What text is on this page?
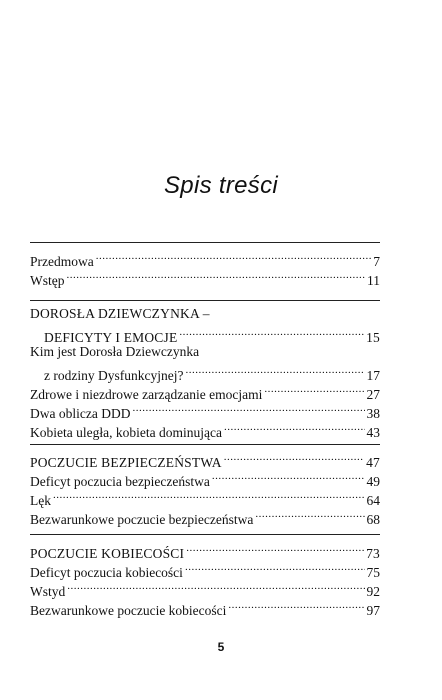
Spis treści
Przedmowa .....	7
Wstęp .....	11
DOROSŁA DZIEWCZYNKA –
DEFICYTY I EMOCJE .....	15
Kim jest Dorosła Dziewczynka
z rodziny Dysfunkcyjnej? .....	17
Zdrowe i niezdrowe zarządzanie emocjami .....	27
Dwa oblicza DDD .....	38
Kobieta uległa, kobieta dominująca .....	43
POCZUCIE BEZPIECZEŃSTWA .....	47
Deficyt poczucia bezpieczeństwa .....	49
Lęk .....	64
Bezwarunkowe poczucie bezpieczeństwa .....	68
POCZUCIE KOBIECOŚCI .....	73
Deficyt poczucia kobiecości .....	75
Wstyd .....	92
Bezwarunkowe poczucie kobiecości .....	97
5
